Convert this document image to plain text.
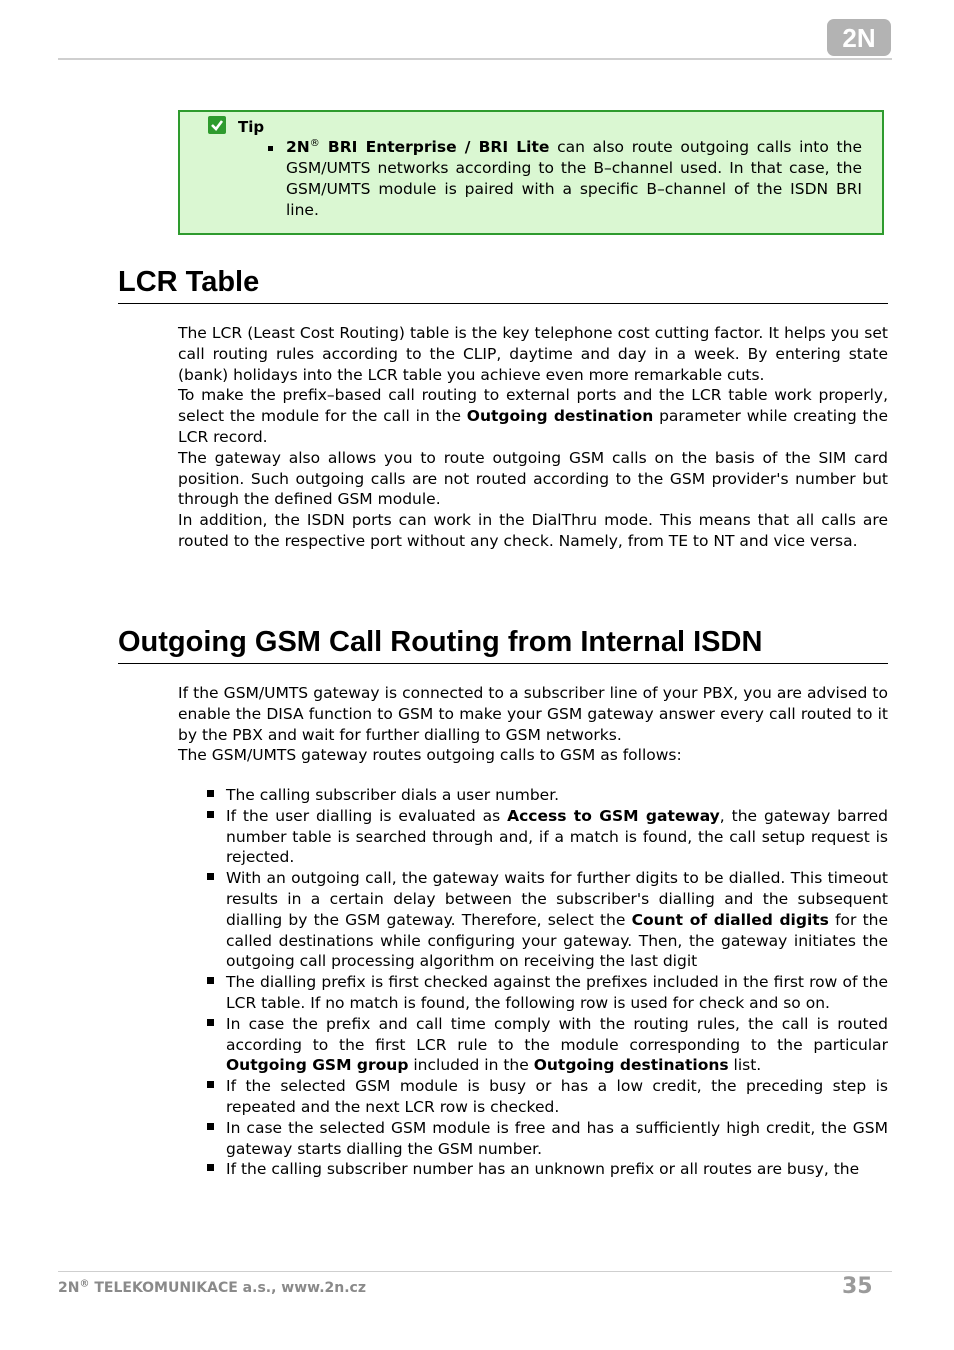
2N
Tip
2N® BRI Enterprise / BRI Lite can also route outgoing calls into the GSM/UMTS networks according to the B–channel used. In that case, the GSM/UMTS module is paired with a specific B–channel of the ISDN BRI line.
LCR Table

The LCR (Least Cost Routing) table is the key telephone cost cutting factor. It helps you set call routing rules according to the CLIP, daytime and day in a week. By entering state (bank) holidays into the LCR table you achieve even more remarkable cuts.

To make the prefix–based call routing to external ports and the LCR table work properly, select the module for the call in the Outgoing destination parameter while creating the LCR record.

The gateway also allows you to route outgoing GSM calls on the basis of the SIM card position. Such outgoing calls are not routed according to the GSM provider's number but through the defined GSM module.

In addition, the ISDN ports can work in the DialThru mode. This means that all calls are routed to the respective port without any check. Namely, from TE to NT and vice versa.

Outgoing GSM Call Routing from Internal ISDN

If the GSM/UMTS gateway is connected to a subscriber line of your PBX, you are advised to enable the DISA function to GSM to make your GSM gateway answer every call routed to it by the PBX and wait for further dialling to GSM networks.

The GSM/UMTS gateway routes outgoing calls to GSM as follows:

The calling subscriber dials a user number.
If the user dialling is evaluated as Access to GSM gateway, the gateway barred number table is searched through and, if a match is found, the call setup request is rejected.
With an outgoing call, the gateway waits for further digits to be dialled. This timeout results in a certain delay between the subscriber's dialling and the subsequent dialling by the GSM gateway. Therefore, select the Count of dialled digits for the called destinations while configuring your gateway. Then, the gateway initiates the outgoing call processing algorithm on receiving the last digit
The dialling prefix is first checked against the prefixes included in the first row of the LCR table. If no match is found, the following row is used for check and so on.
In case the prefix and call time comply with the routing rules, the call is routed according to the first LCR rule to the module corresponding to the particular Outgoing GSM group included in the Outgoing destinations list.
If the selected GSM module is busy or has a low credit, the preceding step is repeated and the next LCR row is checked.
In case the selected GSM module is free and has a sufficiently high credit, the GSM gateway starts dialling the GSM number.
If the calling subscriber number has an unknown prefix or all routes are busy, the
2N® TELEKOMUNIKACE a.s., www.2n.cz	35
